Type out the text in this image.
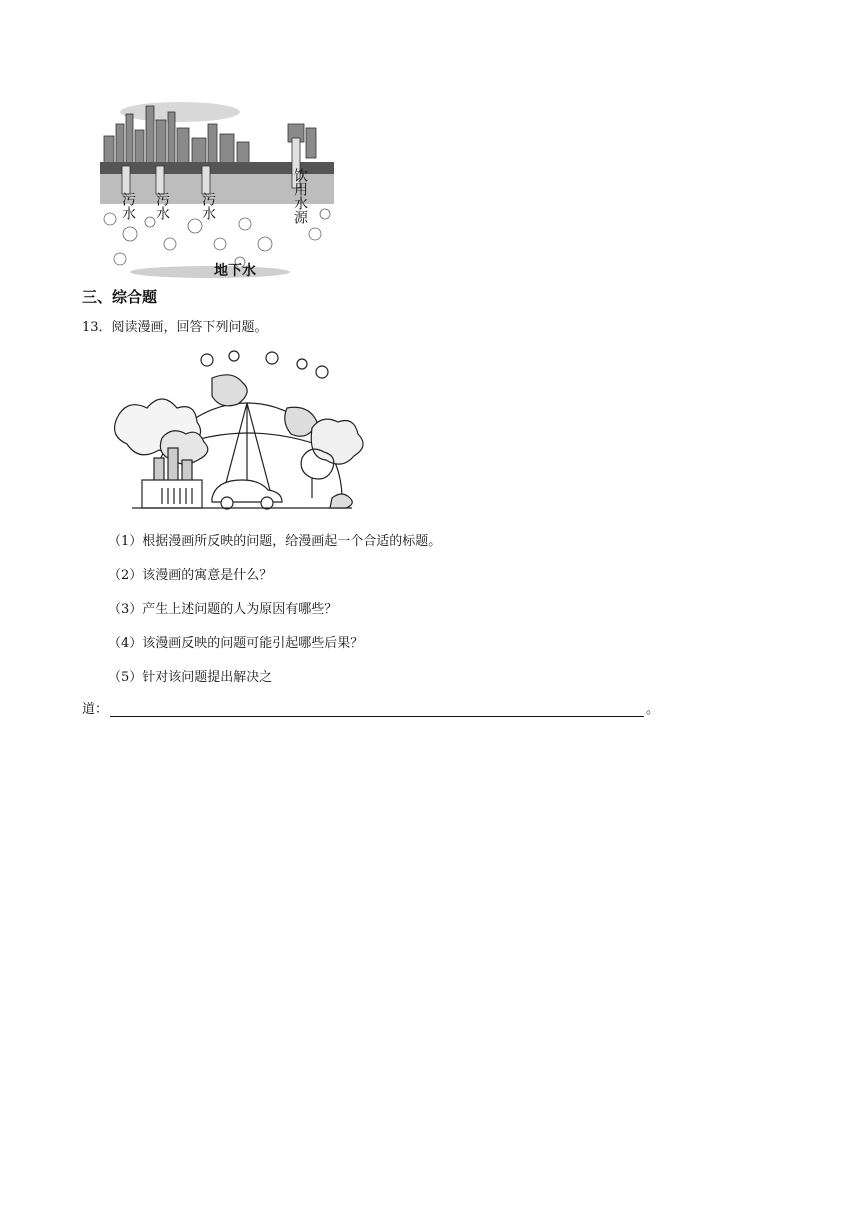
污水 污水 污水	饮用水源
地下水
三、综合题
13．阅读漫画，回答下列问题。
（1）根据漫画所反映的问题，给漫画起一个合适的标题。
（2）该漫画的寓意是什么？
（3）产生上述问题的人为原因有哪些？
（4）该漫画反映的问题可能引起哪些后果？
（5）针对该问题提出解决之
道：	。
